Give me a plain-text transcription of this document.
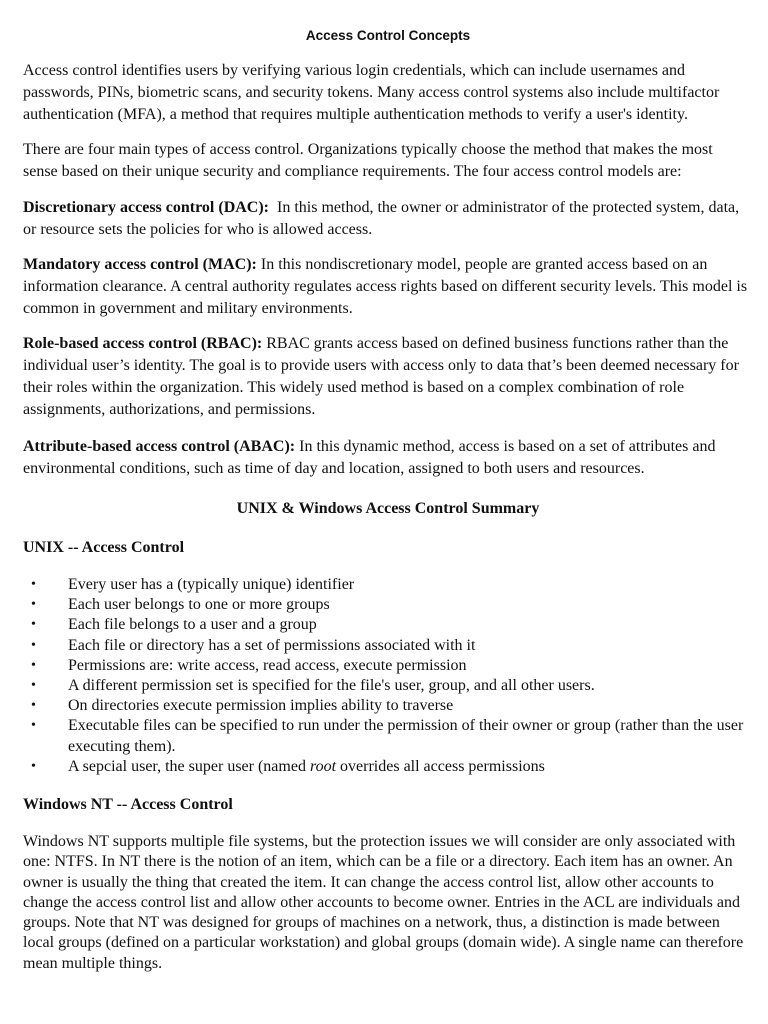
Access Control Concepts

Access control identifies users by verifying various login credentials, which can include usernames and passwords, PINs, biometric scans, and security tokens. Many access control systems also include multifactor authentication (MFA), a method that requires multiple authentication methods to verify a user's identity.

There are four main types of access control. Organizations typically choose the method that makes the most sense based on their unique security and compliance requirements. The four access control models are:

Discretionary access control (DAC):  In this method, the owner or administrator of the protected system, data, or resource sets the policies for who is allowed access.

Mandatory access control (MAC): In this nondiscretionary model, people are granted access based on an information clearance. A central authority regulates access rights based on different security levels. This model is common in government and military environments.

Role-based access control (RBAC): RBAC grants access based on defined business functions rather than the individual user’s identity. The goal is to provide users with access only to data that’s been deemed necessary for their roles within the organization. This widely used method is based on a complex combination of role assignments, authorizations, and permissions.

Attribute-based access control (ABAC): In this dynamic method, access is based on a set of attributes and environmental conditions, such as time of day and location, assigned to both users and resources.

UNIX & Windows Access Control Summary
UNIX -- Access Control
• Every user has a (typically unique) identifier
• Each user belongs to one or more groups
• Each file belongs to a user and a group
• Each file or directory has a set of permissions associated with it
• Permissions are: write access, read access, execute permission
• A different permission set is specified for the file's user, group, and all other users.
• On directories execute permission implies ability to traverse
• Executable files can be specified to run under the permission of their owner or group (rather than the user executing them).
• A sepcial user, the super user (named root overrides all access permissions
Windows NT -- Access Control

Windows NT supports multiple file systems, but the protection issues we will consider are only associated with one: NTFS. In NT there is the notion of an item, which can be a file or a directory. Each item has an owner. An owner is usually the thing that created the item. It can change the access control list, allow other accounts to change the access control list and allow other accounts to become owner. Entries in the ACL are individuals and groups. Note that NT was designed for groups of machines on a network, thus, a distinction is made between local groups (defined on a particular workstation) and global groups (domain wide). A single name can therefore mean multiple things.
